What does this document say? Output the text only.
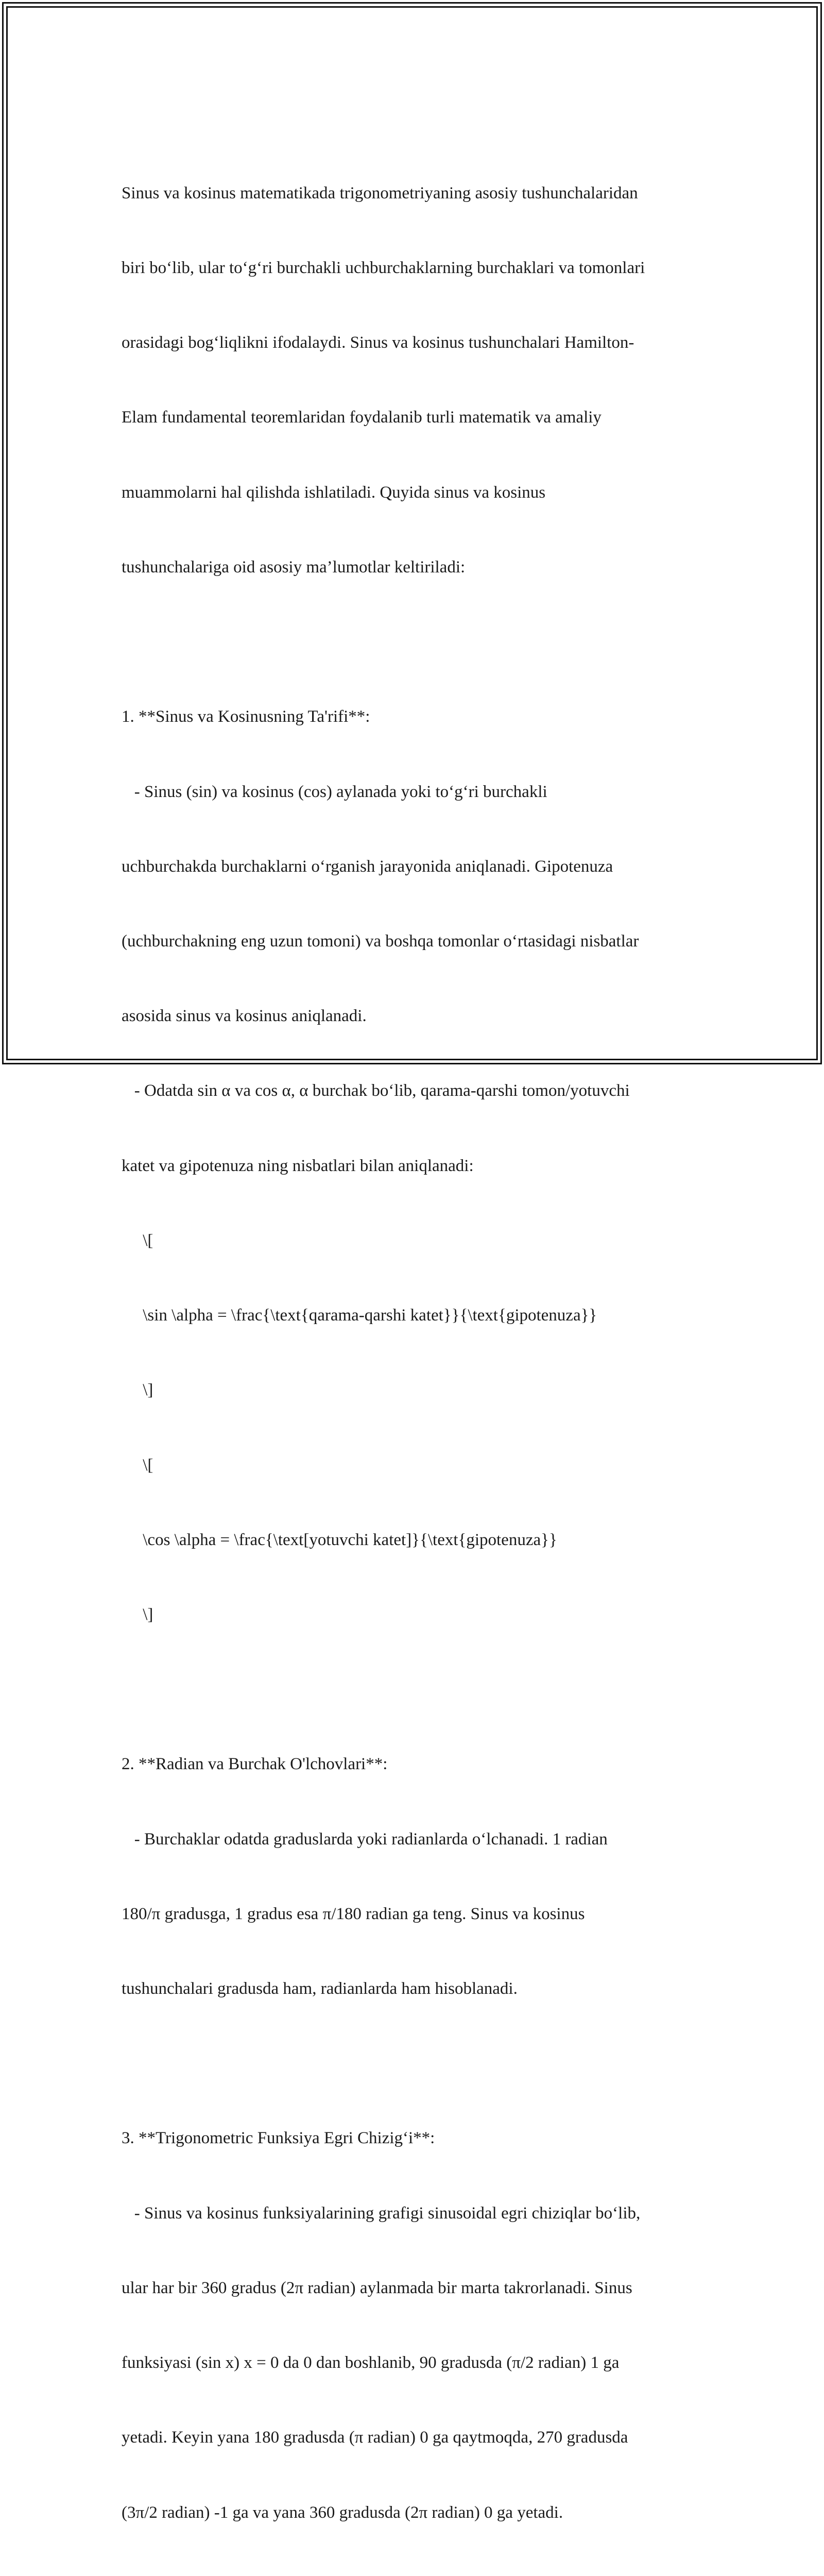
Sinus va kosinus matematikada trigonometriyaning asosiy tushunchalaridan

biri bo‘lib, ular to‘g‘ri burchakli uchburchaklarning burchaklari va tomonlari

orasidagi bog‘liqlikni ifodalaydi. Sinus va kosinus tushunchalari Hamilton-

Elam fundamental teoremlaridan foydalanib turli matematik va amaliy

muammolarni hal qilishda ishlatiladi. Quyida sinus va kosinus

tushunchalariga oid asosiy ma’lumotlar keltiriladi:

1. **Sinus va Kosinusning Ta'rifi**:

- Sinus (sin) va kosinus (cos) aylanada yoki to‘g‘ri burchakli

uchburchakda burchaklarni o‘rganish jarayonida aniqlanadi. Gipotenuza

(uchburchakning eng uzun tomoni) va boshqa tomonlar o‘rtasidagi nisbatlar

asosida sinus va kosinus aniqlanadi.

- Odatda sin α va cos α, α burchak bo‘lib, qarama-qarshi tomon/yotuvchi

katet va gipotenuza ning nisbatlari bilan aniqlanadi:

\[

\sin \alpha = \frac{\text{qarama-qarshi katet}}{\text{gipotenuza}}

\]

\[

\cos \alpha = \frac{\text[yotuvchi katet]}{\text{gipotenuza}}

\]

2. **Radian va Burchak O'lchovlari**:

- Burchaklar odatda graduslarda yoki radianlarda o‘lchanadi. 1 radian

180/π gradusga, 1 gradus esa π/180 radian ga teng. Sinus va kosinus

tushunchalari gradusda ham, radianlarda ham hisoblanadi.

3. **Trigonometric Funksiya Egri Chizig‘i**:

- Sinus va kosinus funksiyalarining grafigi sinusoidal egri chiziqlar bo‘lib,

ular har bir 360 gradus (2π radian) aylanmada bir marta takrorlanadi. Sinus

funksiyasi (sin x) x = 0 da 0 dan boshlanib, 90 gradusda (π/2 radian) 1 ga

yetadi. Keyin yana 180 gradusda (π radian) 0 ga qaytmoqda, 270 gradusda

(3π/2 radian) -1 ga va yana 360 gradusda (2π radian) 0 ga yetadi.
